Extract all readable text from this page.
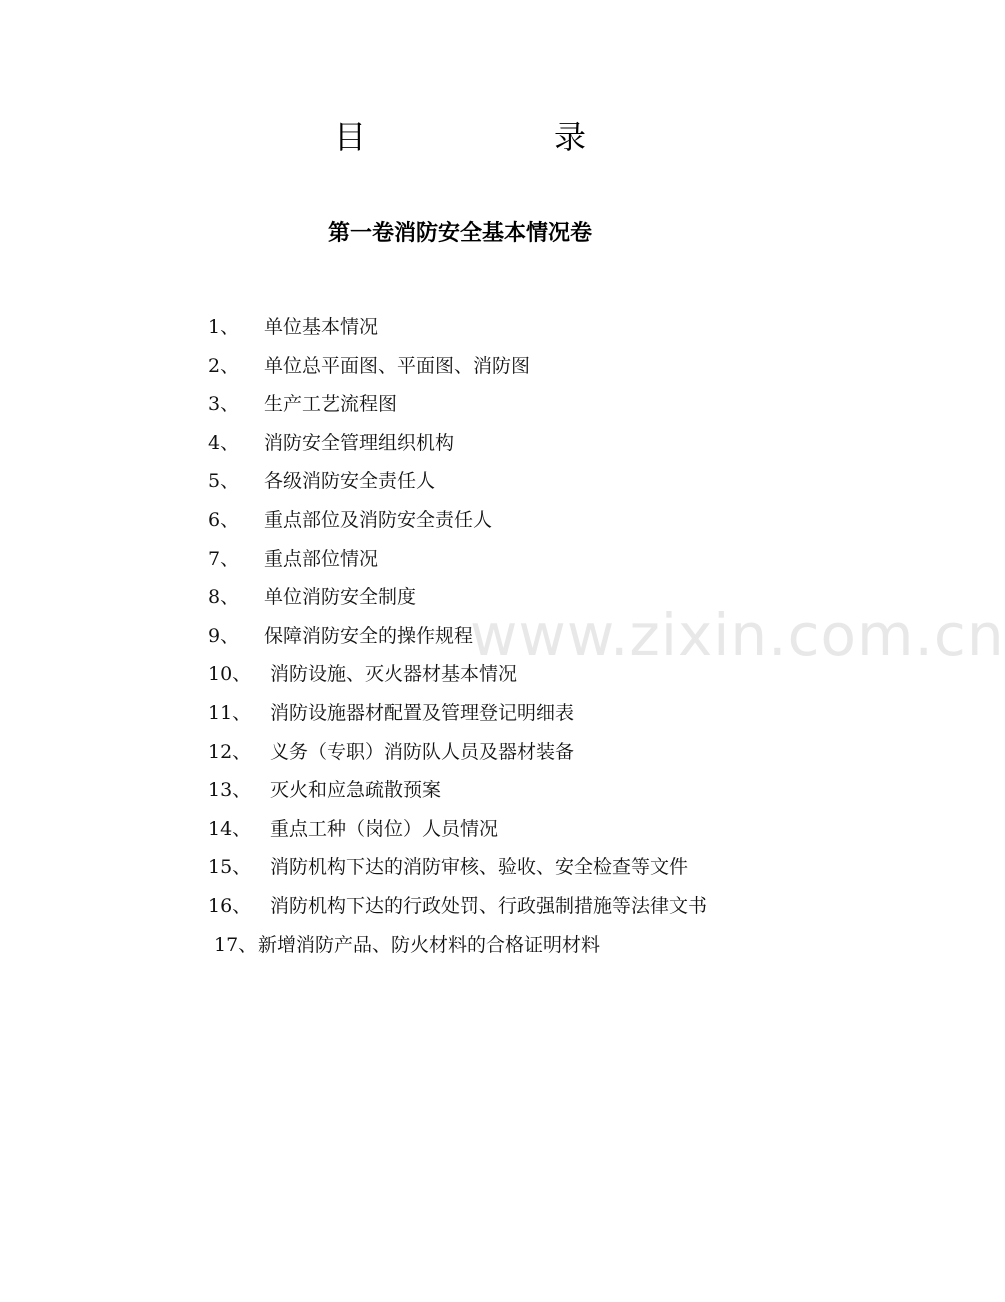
目	录
第一卷消防安全基本情况卷
1、 单位基本情况
2、 单位总平面图、平面图、消防图
3、 生产工艺流程图
4、 消防安全管理组织机构
5、 各级消防安全责任人
6、 重点部位及消防安全责任人
7、 重点部位情况
8、 单位消防安全制度
9、 保障消防安全的操作规程
10、 消防设施、灭火器材基本情况
11、 消防设施器材配置及管理登记明细表
12、 义务（专职）消防队人员及器材装备
13、 灭火和应急疏散预案
14、 重点工种（岗位）人员情况
15、 消防机构下达的消防审核、验收、安全检查等文件
16、 消防机构下达的行政处罚、行政强制措施等法律文书
17、 新增消防产品、防火材料的合格证明材料
www.zixin.com.cn
